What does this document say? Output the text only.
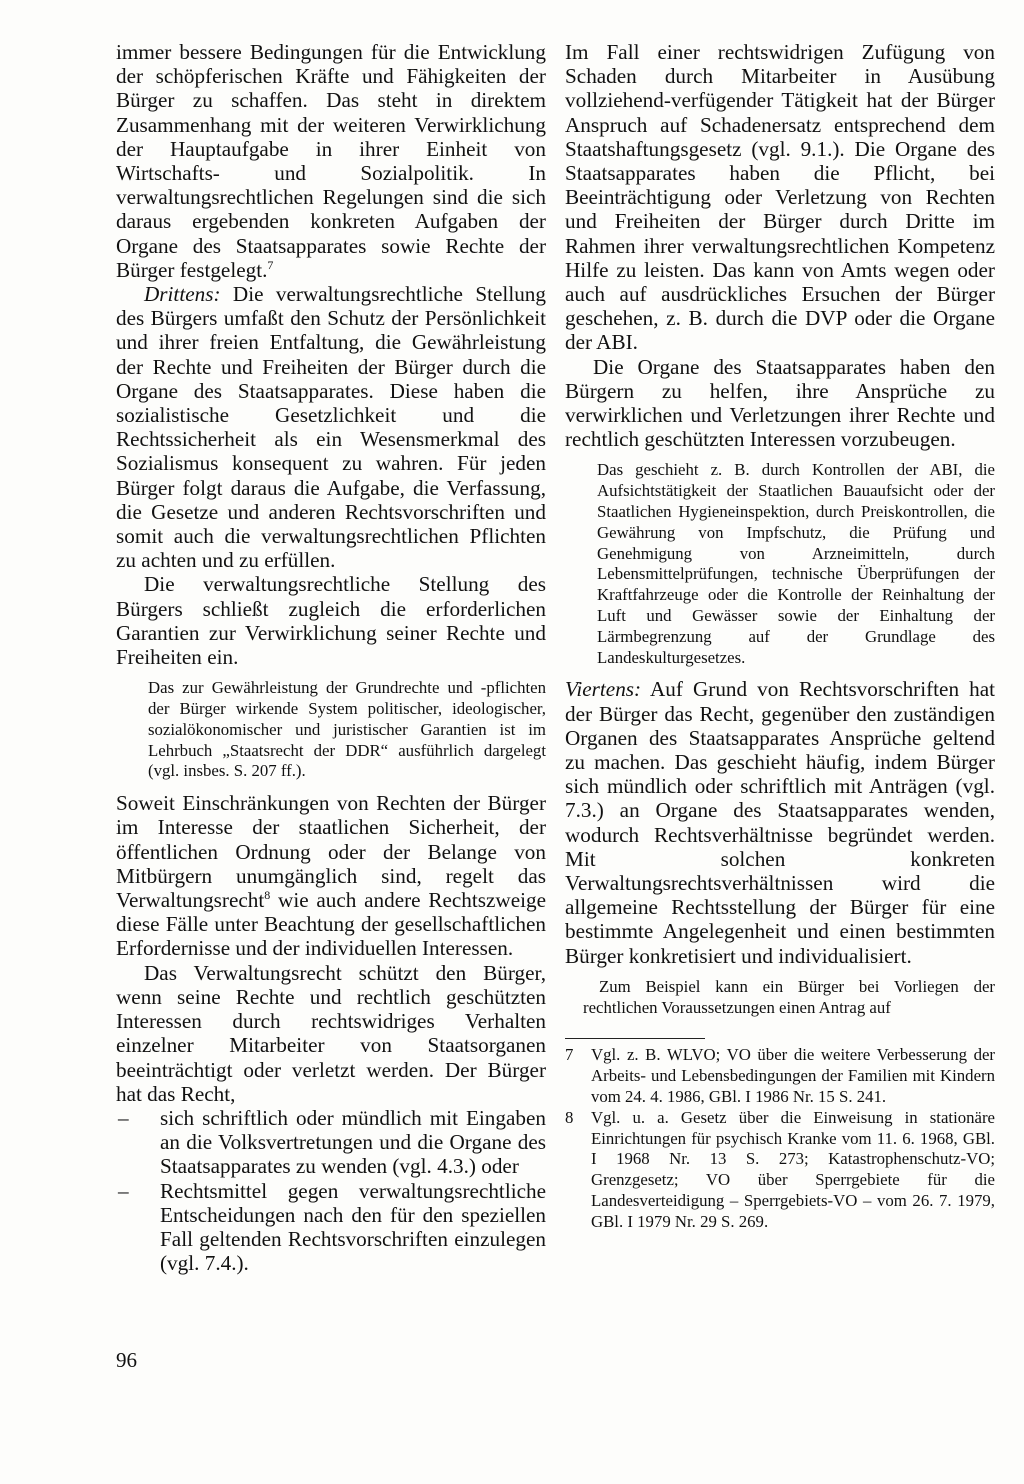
immer bessere Bedingungen für die Entwicklung der schöpferischen Kräfte und Fähigkeiten der Bürger zu schaffen. Das steht in direktem Zusammenhang mit der weiteren Verwirklichung der Hauptaufgabe in ihrer Einheit von Wirtschafts- und Sozialpolitik. In verwaltungsrechtlichen Regelungen sind die sich daraus ergebenden konkreten Aufgaben der Organe des Staatsapparates sowie Rechte der Bürger festgelegt.$^7$

Drittens: Die verwaltungsrechtliche Stellung des Bürgers umfaßt den Schutz der Persönlichkeit und ihrer freien Entfaltung, die Gewährleistung der Rechte und Freiheiten der Bürger durch die Organe des Staatsapparates. Diese haben die sozialistische Gesetzlichkeit und die Rechtssicherheit als ein Wesensmerkmal des Sozialismus konsequent zu wahren. Für jeden Bürger folgt daraus die Aufgabe, die Verfassung, die Gesetze und anderen Rechtsvorschriften und somit auch die verwaltungsrechtlichen Pflichten zu achten und zu erfüllen.

Die verwaltungsrechtliche Stellung des Bürgers schließt zugleich die erforderlichen Garantien zur Verwirklichung seiner Rechte und Freiheiten ein.

Das zur Gewährleistung der Grundrechte und -pflichten der Bürger wirkende System politischer, ideologischer, sozialökonomischer und juristischer Garantien ist im Lehrbuch „Staatsrecht der DDR“ ausführlich dargelegt (vgl. insbes. S. 207 ff.).

Soweit Einschränkungen von Rechten der Bürger im Interesse der staatlichen Sicherheit, der öffentlichen Ordnung oder der Belange von Mitbürgern unumgänglich sind, regelt das Verwaltungsrecht$^8$ wie auch andere Rechtszweige diese Fälle unter Beachtung der gesellschaftlichen Erfordernisse und der individuellen Interessen.

Das Verwaltungsrecht schützt den Bürger, wenn seine Rechte und rechtlich geschützten Interessen durch rechtswidriges Verhalten einzelner Mitarbeiter von Staatsorganen beeinträchtigt oder verletzt werden. Der Bürger hat das Recht,

– sich schriftlich oder mündlich mit Eingaben an die Volksvertretungen und die Organe des Staatsapparates zu wenden (vgl. 4.3.) oder
– Rechtsmittel gegen verwaltungsrechtliche Entscheidungen nach den für den speziellen Fall geltenden Rechtsvorschriften einzulegen (vgl. 7.4.).

Im Fall einer rechtswidrigen Zufügung von Schaden durch Mitarbeiter in Ausübung vollziehend-verfügender Tätigkeit hat der Bürger Anspruch auf Schadenersatz entsprechend dem Staatshaftungsgesetz (vgl. 9.1.). Die Organe des Staatsapparates haben die Pflicht, bei Beeinträchtigung oder Verletzung von Rechten und Freiheiten der Bürger durch Dritte im Rahmen ihrer verwaltungsrechtlichen Kompetenz Hilfe zu leisten. Das kann von Amts wegen oder auch auf ausdrückliches Ersuchen der Bürger geschehen, z. B. durch die DVP oder die Organe der ABI.

Die Organe des Staatsapparates haben den Bürgern zu helfen, ihre Ansprüche zu verwirklichen und Verletzungen ihrer Rechte und rechtlich geschützten Interessen vorzubeugen.

Das geschieht z. B. durch Kontrollen der ABI, die Aufsichtstätigkeit der Staatlichen Bauaufsicht oder der Staatlichen Hygieneinspektion, durch Preiskontrollen, die Gewährung von Impfschutz, die Prüfung und Genehmigung von Arzneimitteln, durch Lebensmittelprüfungen, technische Überprüfungen der Kraftfahrzeuge oder die Kontrolle der Reinhaltung der Luft und Gewässer sowie der Einhaltung der Lärmbegrenzung auf der Grundlage des Landeskulturgesetzes.

Viertens: Auf Grund von Rechtsvorschriften hat der Bürger das Recht, gegenüber den zuständigen Organen des Staatsapparates Ansprüche geltend zu machen. Das geschieht häufig, indem Bürger sich mündlich oder schriftlich mit Anträgen (vgl. 7.3.) an Organe des Staatsapparates wenden, wodurch Rechtsverhältnisse begründet werden. Mit solchen konkreten Verwaltungsrechtsverhältnissen wird die allgemeine Rechtsstellung der Bürger für eine bestimmte Angelegenheit und einen bestimmten Bürger konkretisiert und individualisiert.

Zum Beispiel kann ein Bürger bei Vorliegen der rechtlichen Voraussetzungen einen Antrag auf

7 Vgl. z. B. WLVO; VO über die weitere Verbesserung der Arbeits- und Lebensbedingungen der Familien mit Kindern vom 24. 4. 1986, GBl. I 1986 Nr. 15 S. 241.
8 Vgl. u. a. Gesetz über die Einweisung in stationäre Einrichtungen für psychisch Kranke vom 11. 6. 1968, GBl. I 1968 Nr. 13 S. 273; Katastrophenschutz-VO; Grenzgesetz; VO über Sperrgebiete für die Landesverteidigung – Sperrgebiets-VO – vom 26. 7. 1979, GBl. I 1979 Nr. 29 S. 269.
96
